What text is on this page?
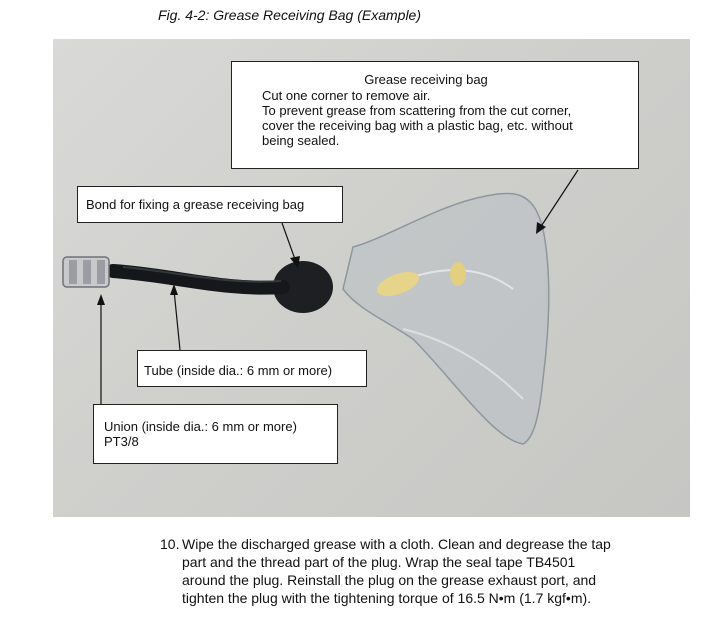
Fig. 4-2: Grease Receiving Bag (Example)
Grease receiving bag
Cut one corner to remove air.
To prevent grease from scattering from the cut corner,
cover the receiving bag with a plastic bag, etc. without
being sealed.
Bond for fixing a grease receiving bag
Tube (inside dia.: 6 mm or more)
Union (inside dia.: 6 mm or more)
PT3/8
10. Wipe the discharged grease with a cloth. Clean and degrease the tap
part and the thread part of the plug. Wrap the seal tape TB4501
around the plug. Reinstall the plug on the grease exhaust port, and
tighten the plug with the tightening torque of 16.5 N•m (1.7 kgf•m).
